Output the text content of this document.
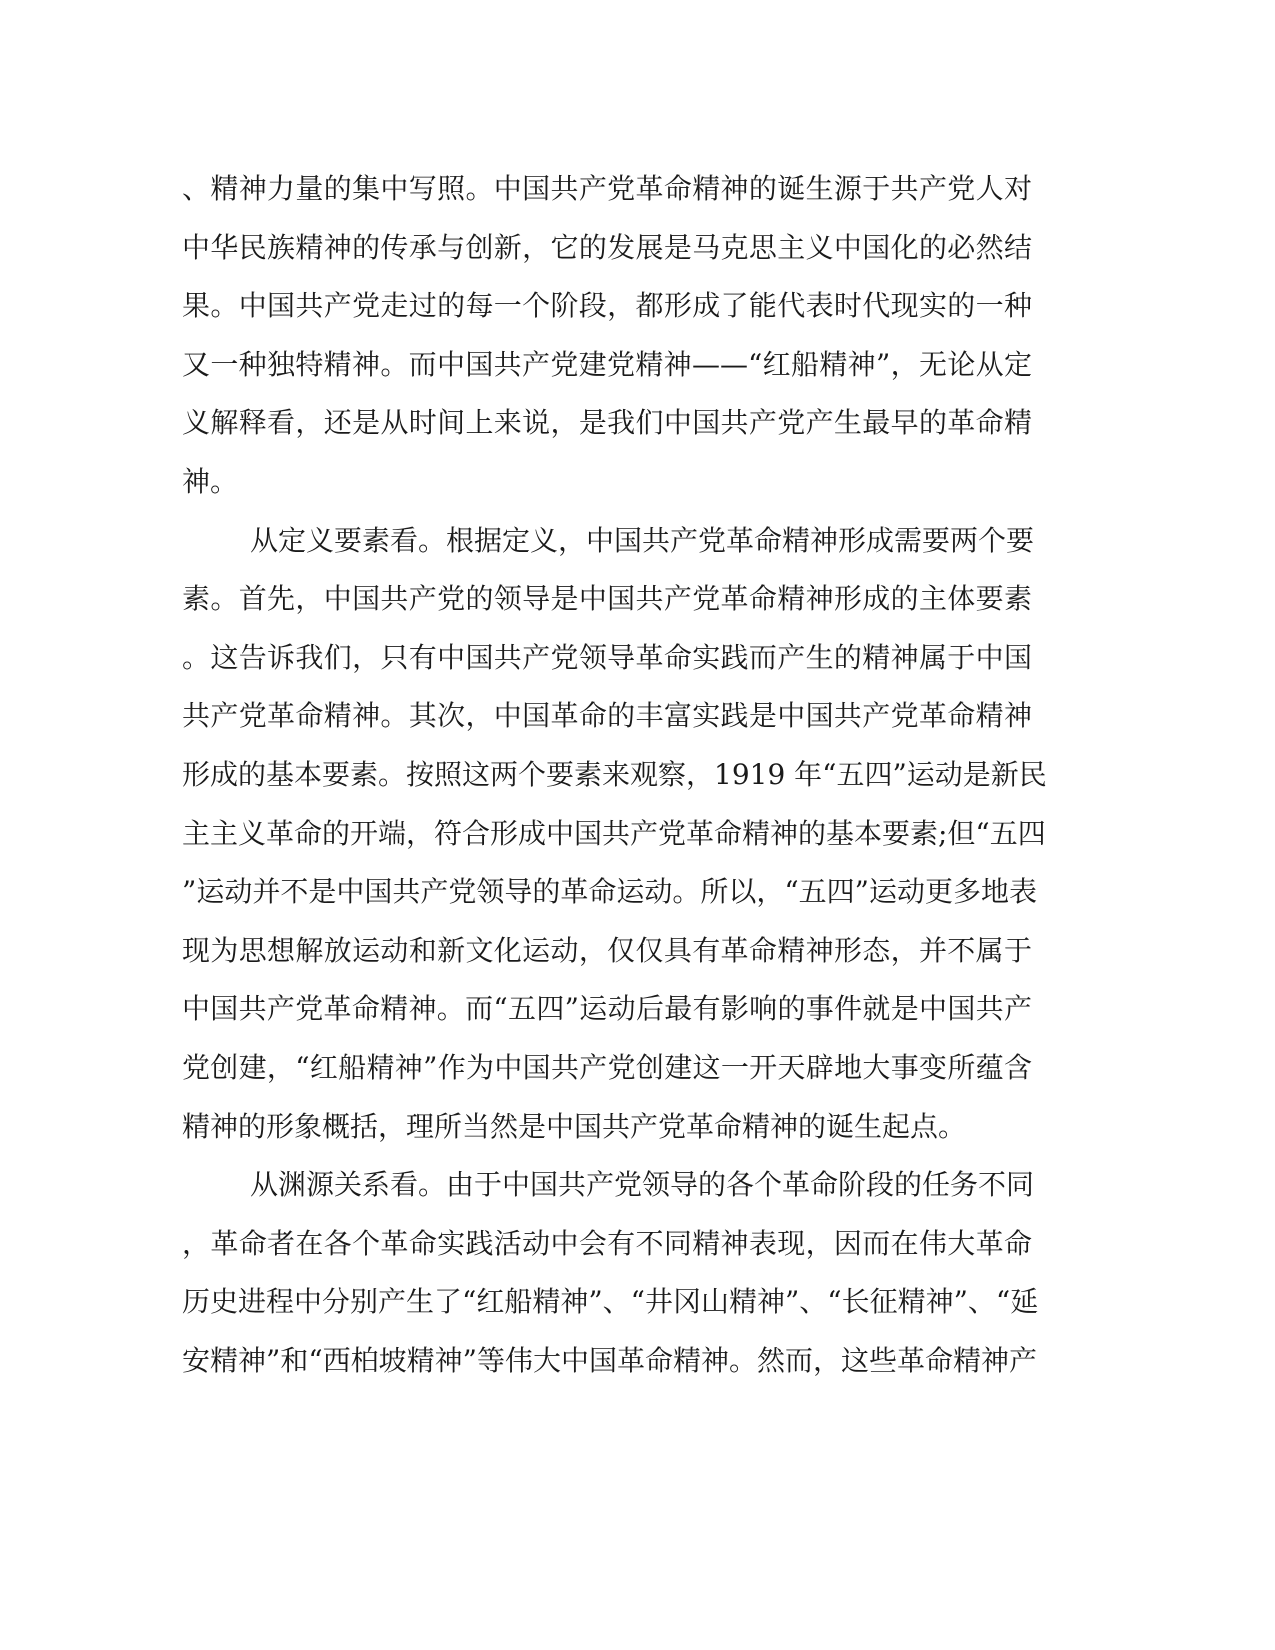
、精神力量的集中写照。中国共产党革命精神的诞生源于共产党人对
中华民族精神的传承与创新，它的发展是马克思主义中国化的必然结
果。中国共产党走过的每一个阶段，都形成了能代表时代现实的一种
又一种独特精神。而中国共产党建党精神——“红船精神”，无论从定
义解释看，还是从时间上来说，是我们中国共产党产生最早的革命精
神。
从定义要素看。根据定义，中国共产党革命精神形成需要两个要
素。首先，中国共产党的领导是中国共产党革命精神形成的主体要素
。这告诉我们，只有中国共产党领导革命实践而产生的精神属于中国
共产党革命精神。其次，中国革命的丰富实践是中国共产党革命精神
形成的基本要素。按照这两个要素来观察，1919 年“五四”运动是新民
主主义革命的开端，符合形成中国共产党革命精神的基本要素;但“五四
”运动并不是中国共产党领导的革命运动。所以，“五四”运动更多地表
现为思想解放运动和新文化运动，仅仅具有革命精神形态，并不属于
中国共产党革命精神。而“五四”运动后最有影响的事件就是中国共产
党创建，“红船精神”作为中国共产党创建这一开天辟地大事变所蕴含
精神的形象概括，理所当然是中国共产党革命精神的诞生起点。
从渊源关系看。由于中国共产党领导的各个革命阶段的任务不同
，革命者在各个革命实践活动中会有不同精神表现，因而在伟大革命
历史进程中分别产生了“红船精神”、“井冈山精神”、“长征精神”、“延
安精神”和“西柏坡精神”等伟大中国革命精神。然而，这些革命精神产
